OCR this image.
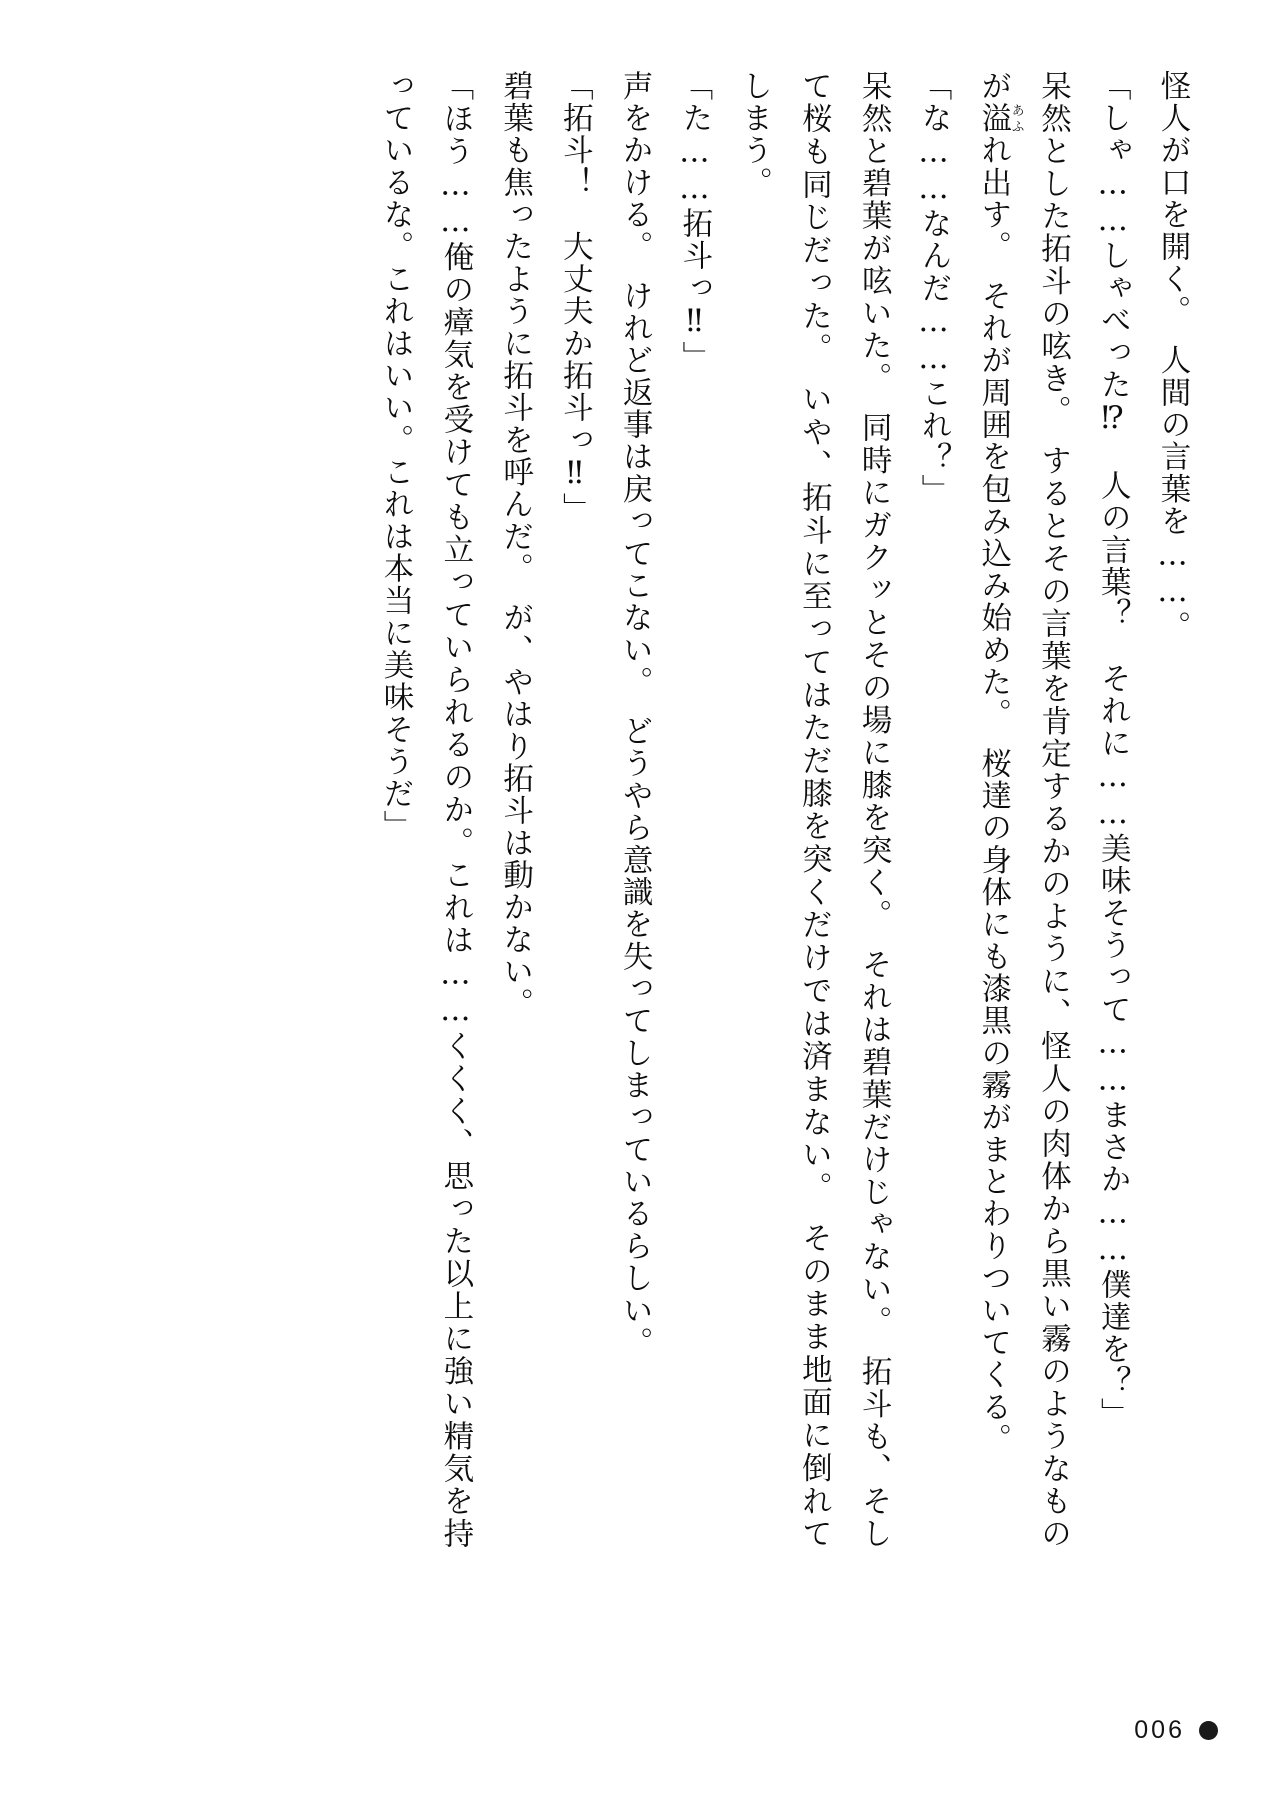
怪人が口を開く。　人間の言葉を……。

「しゃ……しゃべった⁉　人の言葉？　それに……美味そうって……まさか……僕達を？」

呆然とした拓斗の呟き。　するとその言葉を肯定するかのように、怪人の肉体から黒い霧のようなものが溢あふれ出す。　それが周囲を包み込み始めた。　桜達の身体にも漆黒の霧がまとわりついてくる。

「な……なんだ……これ？」

呆然と碧葉が呟いた。　同時にガクッとその場に膝を突く。　それは碧葉だけじゃない。　拓斗も、そして桜も同じだった。　いや、拓斗に至ってはただ膝を突くだけでは済まない。　そのまま地面に倒れてしまう。

「た……拓斗っ‼」

声をかける。　けれど返事は戻ってこない。　どうやら意識を失ってしまっているらしい。

「拓斗！　大丈夫か拓斗っ‼」

碧葉も焦ったように拓斗を呼んだ。　が、やはり拓斗は動かない。

「ほう……俺の瘴気を受けても立っていられるのか。これは……くくく、思った以上に強い精気を持っているな。これはいい。これは本当に美味そうだ」

006
